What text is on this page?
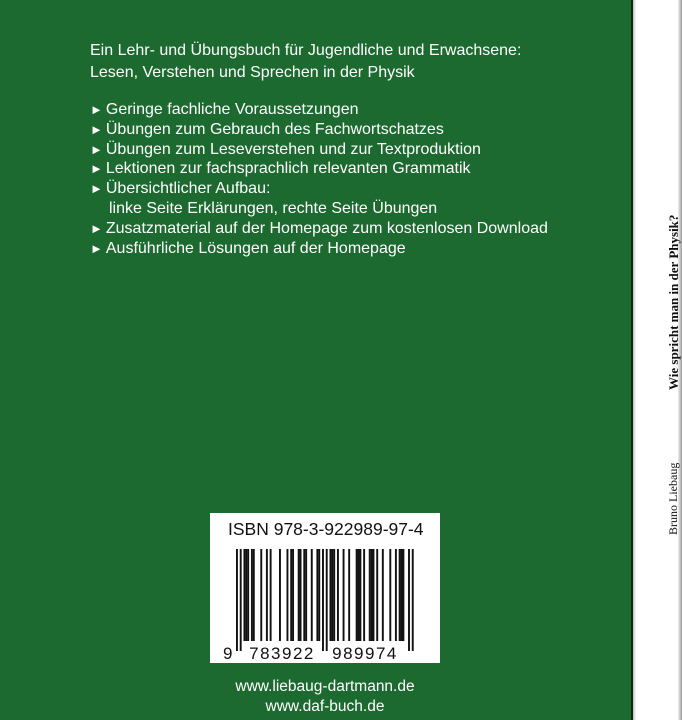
Ein Lehr- und Übungsbuch für Jugendliche und Erwachsene:
Lesen, Verstehen und Sprechen in der Physik
► Geringe fachliche Voraussetzungen
► Übungen zum Gebrauch des Fachwortschatzes
► Übungen zum Leseverstehen und zur Textproduktion
► Lektionen zur fachsprachlich relevanten Grammatik
► Übersichtlicher Aufbau:
linke Seite Erklärungen, rechte Seite Übungen
► Zusatzmaterial auf der Homepage zum kostenlosen Download
► Ausführliche Lösungen auf der Homepage
ISBN 978-3-922989-97-4
9 783922 989974
www.liebaug-dartmann.de
www.daf-buch.de
Wie spricht man in der Physik?
Bruno Liebaug
